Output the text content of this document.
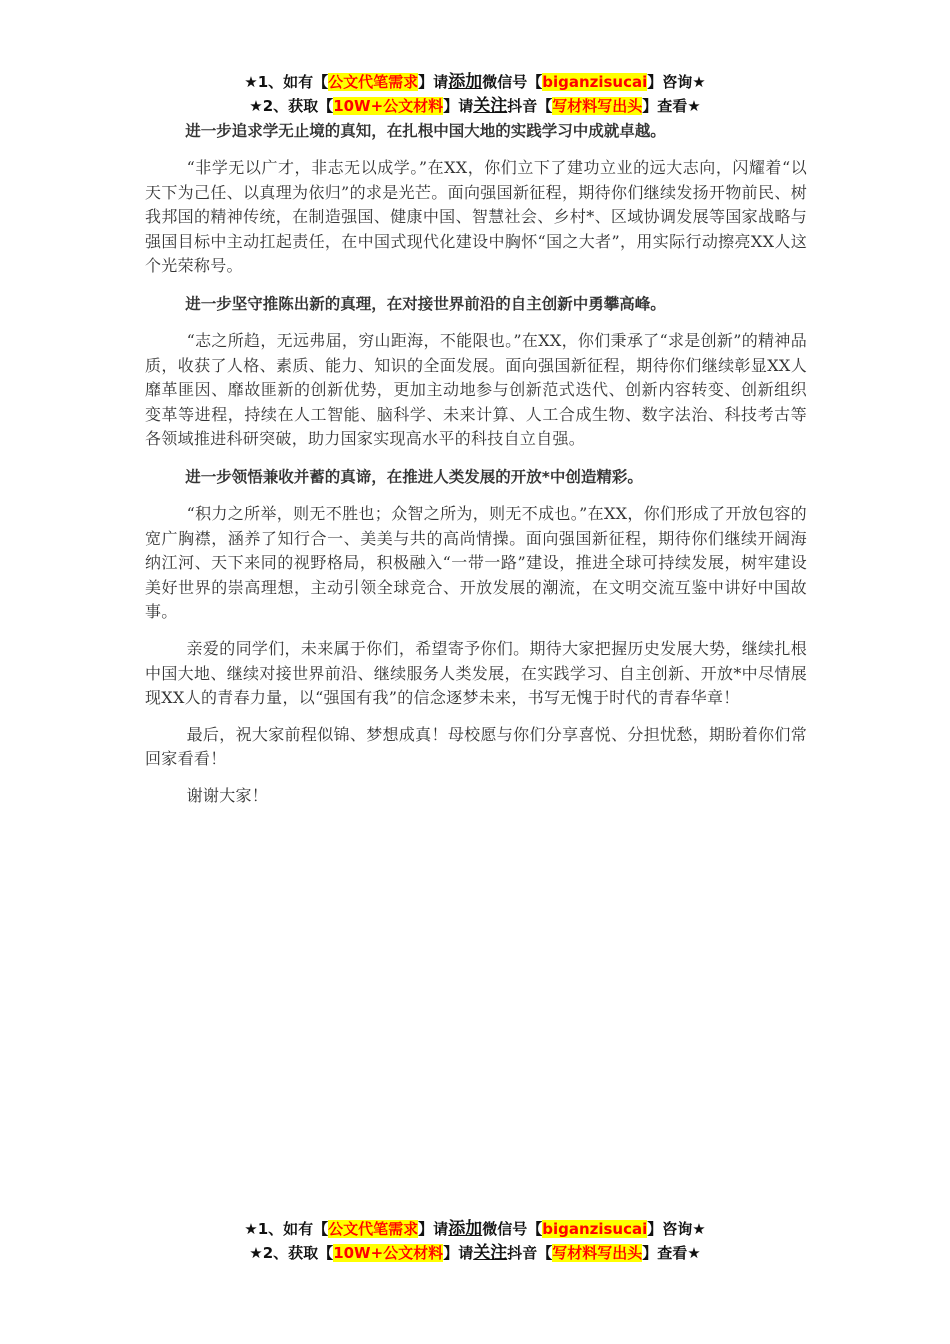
★1、如有【公文代笔需求】请添加微信号【biganzisucai】咨询★
★2、获取【10W+公文材料】请关注抖音【写材料写出头】查看★

进一步追求学无止境的真知，在扎根中国大地的实践学习中成就卓越。

“非学无以广才，非志无以成学。”在XX，你们立下了建功立业的远大志向，闪耀着“以天下为己任、以真理为依归”的求是光芒。面向强国新征程，期待你们继续发扬开物前民、树我邦国的精神传统，在制造强国、健康中国、智慧社会、乡村*、区域协调发展等国家战略与强国目标中主动扛起责任，在中国式现代化建设中胸怀“国之大者”，用实际行动擦亮XX人这个光荣称号。

进一步坚守推陈出新的真理，在对接世界前沿的自主创新中勇攀高峰。

“志之所趋，无远弗届，穷山距海，不能限也。”在XX，你们秉承了“求是创新”的精神品质，收获了人格、素质、能力、知识的全面发展。面向强国新征程，期待你们继续彰显XX人靡革匪因、靡故匪新的创新优势，更加主动地参与创新范式迭代、创新内容转变、创新组织变革等进程，持续在人工智能、脑科学、未来计算、人工合成生物、数字法治、科技考古等各领域推进科研突破，助力国家实现高水平的科技自立自强。

进一步领悟兼收并蓄的真谛，在推进人类发展的开放*中创造精彩。

“积力之所举，则无不胜也；众智之所为，则无不成也。”在XX，你们形成了开放包容的宽广胸襟，涵养了知行合一、美美与共的高尚情操。面向强国新征程，期待你们继续开阔海纳江河、天下来同的视野格局，积极融入“一带一路”建设，推进全球可持续发展，树牢建设美好世界的崇高理想，主动引领全球竞合、开放发展的潮流，在文明交流互鉴中讲好中国故事。

亲爱的同学们，未来属于你们，希望寄予你们。期待大家把握历史发展大势，继续扎根中国大地、继续对接世界前沿、继续服务人类发展，在实践学习、自主创新、开放*中尽情展现XX人的青春力量，以“强国有我”的信念逐梦未来，书写无愧于时代的青春华章！

最后，祝大家前程似锦、梦想成真！母校愿与你们分享喜悦、分担忧愁，期盼着你们常回家看看！

谢谢大家！

★1、如有【公文代笔需求】请添加微信号【biganzisucai】咨询★
★2、获取【10W+公文材料】请关注抖音【写材料写出头】查看★
